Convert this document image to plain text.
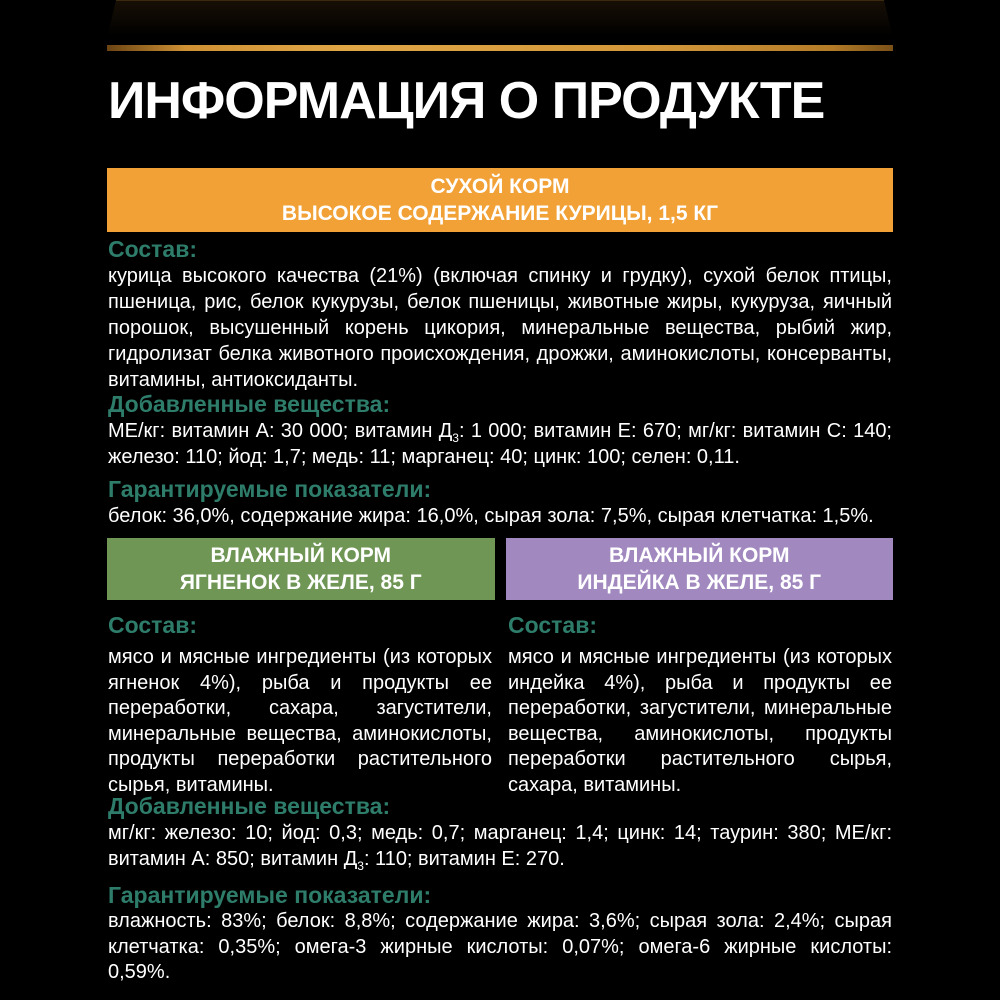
ИНФОРМАЦИЯ О ПРОДУКТЕ
СУХОЙ КОРМ
ВЫСОКОЕ СОДЕРЖАНИЕ КУРИЦЫ, 1,5 КГ
Состав:

курица высокого качества (21%) (включая спинку и грудку), сухой белок птицы, пшеница, рис, белок кукурузы, белок пшеницы, животные жиры, кукуруза, яичный порошок, высушенный корень цикория, минеральные вещества, рыбий жир, гидролизат белка животного происхождения, дрожжи, аминокислоты, консерванты, витамины, антиоксиданты.

Добавленные вещества:

МЕ/кг: витамин А: 30 000; витамин $Д_3$: 1 000; витамин Е: 670; мг/кг: витамин С: 140; железо: 110; йод: 1,7; медь: 11; марганец: 40; цинк: 100; селен: 0,11.

Гарантируемые показатели:

белок: 36,0%, содержание жира: 16,0%, сырая зола: 7,5%, сырая клетчатка: 1,5%.

ВЛАЖНЫЙ КОРМ
ЯГНЕНОК В ЖЕЛЕ, 85 Г
ВЛАЖНЫЙ КОРМ
ИНДЕЙКА В ЖЕЛЕ, 85 Г
Состав:

мясо и мясные ингредиенты (из которых ягненок 4%), рыба и продукты ее переработки, сахара, загустители, минеральные вещества, аминокислоты, продукты переработки растительного сырья, витамины.

Состав:

мясо и мясные ингредиенты (из которых индейка 4%), рыба и продукты ее переработки, загустители, минеральные вещества, аминокислоты, продукты переработки растительного сырья, сахара, витамины.

Добавленные вещества:

мг/кг: железо: 10; йод: 0,3; медь: 0,7; марганец: 1,4; цинк: 14; таурин: 380; МЕ/кг: витамин А: 850; витамин $Д_3$: 110; витамин Е: 270.

Гарантируемые показатели:

влажность: 83%; белок: 8,8%; содержание жира: 3,6%; сырая зола: 2,4%; сырая клетчатка: 0,35%; омега-3 жирные кислоты: 0,07%; омега-6 жирные кислоты: 0,59%.
